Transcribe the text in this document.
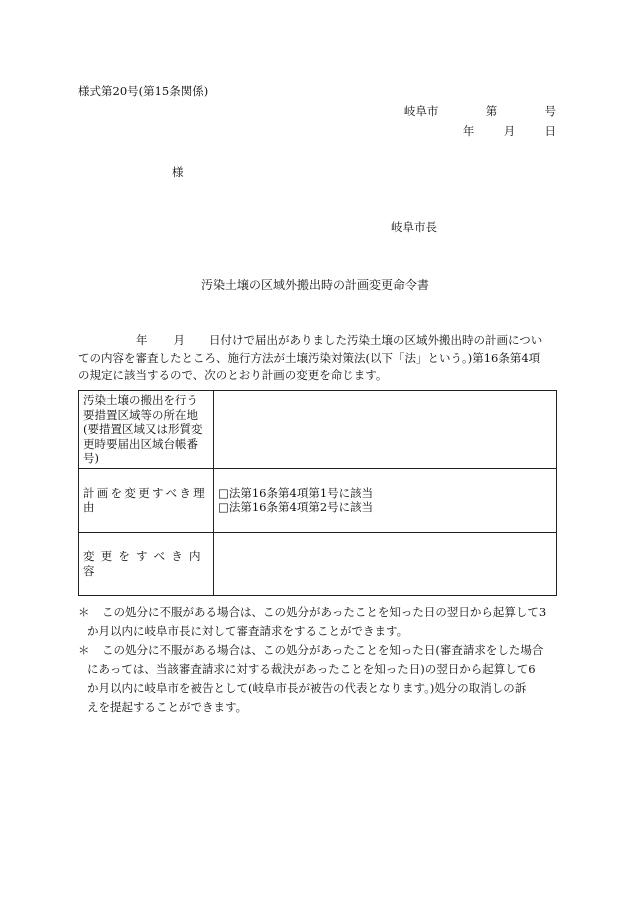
様式第20号(第15条関係)
岐阜市	第	号
年	月	日
様
岐阜市長
汚染土壌の区域外搬出時の計画変更命令書
年 月 日付けで届出がありました汚染土壌の区域外搬出時の計画につい
ての内容を審査したところ、施行方法が土壌汚染対策法(以下「法」という。)第16条第4項
の規定に該当するので、次のとおり計画の変更を命じます。
汚染土壌の搬出を行う
要措置区域等の所在地
(要措置区域又は形質変
更時要届出区域台帳番
号)	

計画を変更すべき理由	□法第16条第4項第1号に該当
□法第16条第4項第2号に該当

変更をすべき内容	
＊ この処分に不服がある場合は、この処分があったことを知った日の翌日から起算して3
か月以内に岐阜市長に対して審査請求をすることができます。
＊ この処分に不服がある場合は、この処分があったことを知った日(審査請求をした場合
にあっては、当該審査請求に対する裁決があったことを知った日)の翌日から起算して6
か月以内に岐阜市を被告として(岐阜市長が被告の代表となります。)処分の取消しの訴
えを提起することができます。
